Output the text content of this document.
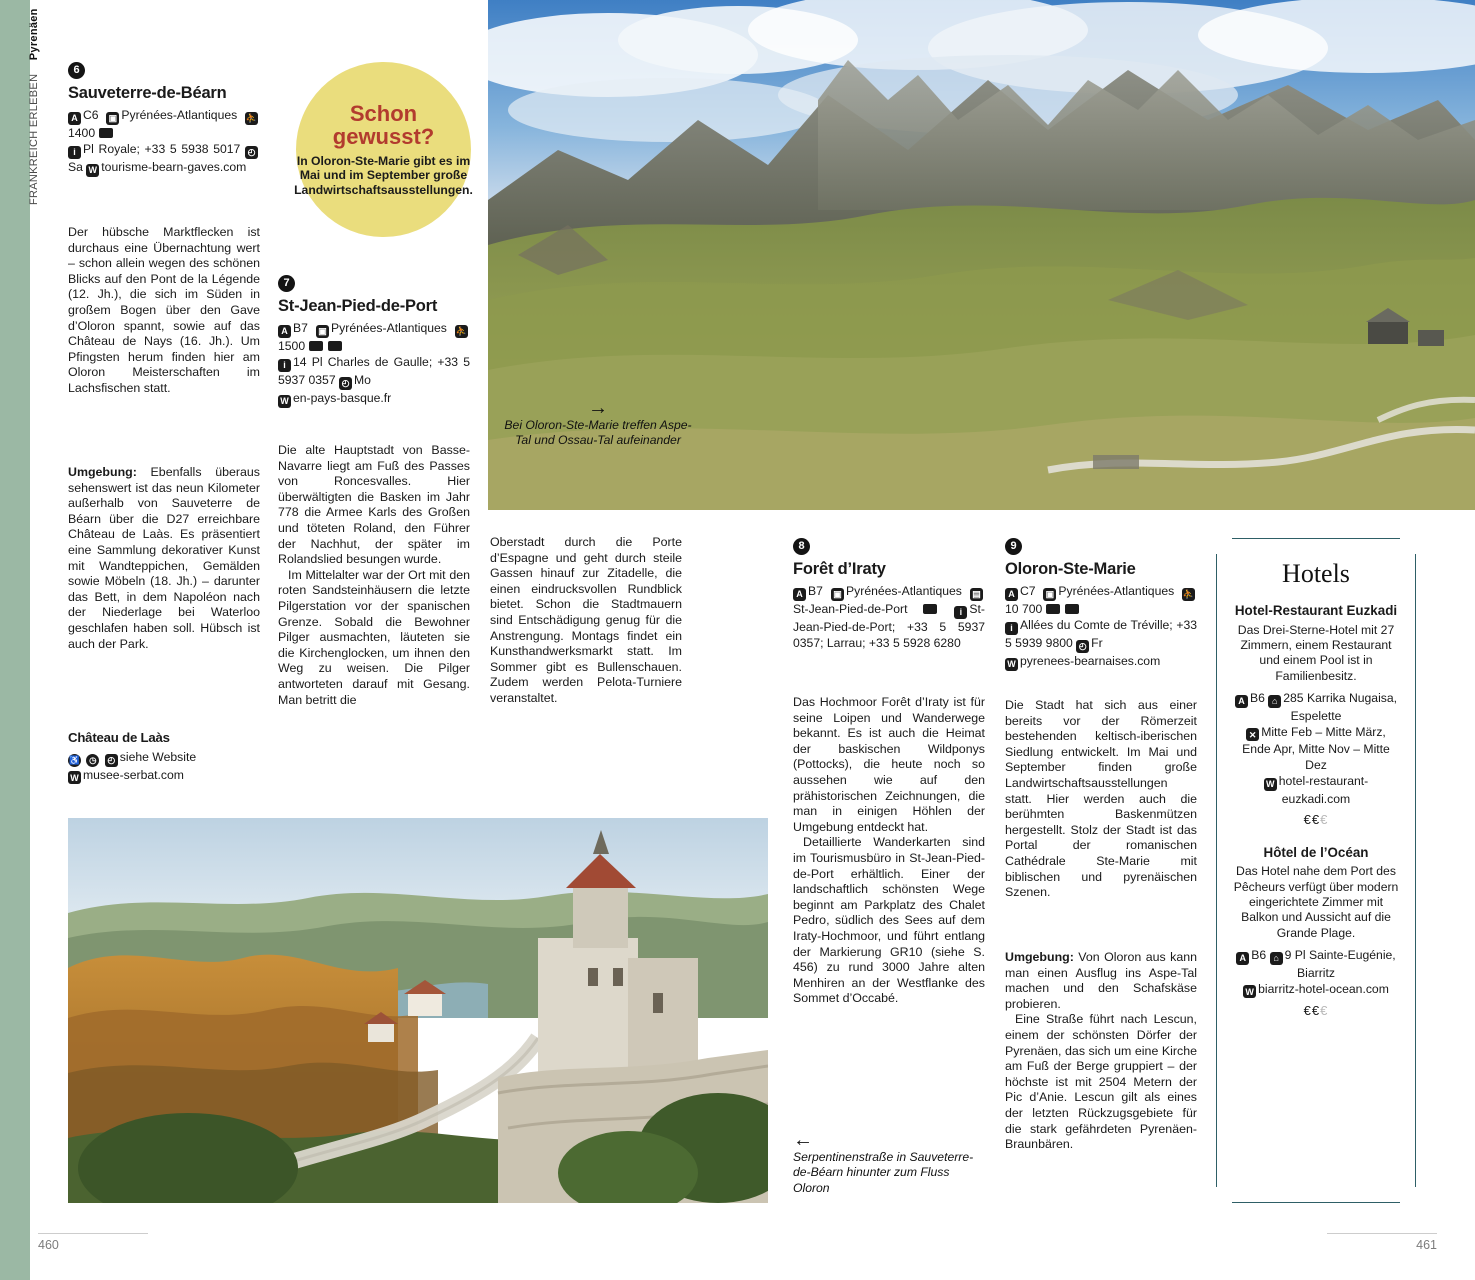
FRANKREICH ERLEBEN    Pyrenäen
6
Sauveterre-de-Béarn
A C6 ▣ Pyrénées-Atlantiques ⛹1400
i Pl Royale; +33 5 5938 5017 ◴Sa W tourisme-bearn-gaves.com

Der hübsche Marktflecken ist durchaus eine Übernachtung wert – schon allein wegen des schönen Blicks auf den Pont de la Légende (12. Jh.), die sich im Süden in großem Bogen über den Gave d’Oloron spannt, sowie auf das Château de Nays (16. Jh.). Um Pfingsten herum finden hier am Oloron Meisterschaften im Lachsfischen statt.

Umgebung: Ebenfalls überaus sehenswert ist das neun Kilometer außerhalb von Sauveterre de Béarn über die D27 erreichbare Château de Laàs. Es präsentiert eine Sammlung dekorativer Kunst mit Wandteppichen, Gemälden sowie Möbeln (18. Jh.) – darunter das Bett, in dem Napoléon nach der Niederlage bei Waterloo geschlafen haben soll. Hübsch ist auch der Park.

Château de Laàs
♿ ◷ ◴ siehe Website
W musee-serbat.com
Schon gewusst?
In Oloron-Ste-Marie gibt es im Mai und im September große Landwirtschaftsausstellungen.
7
St-Jean-Pied-de-Port
A B7 ▣ Pyrénées-Atlantiques ⛹1500
i 14 Pl Charles de Gaulle; +33 5 5937 0357 ◴ Mo
W en-pays-basque.fr

Die alte Hauptstadt von Basse-Navarre liegt am Fuß des Passes von Roncesvalles. Hier überwältigten die Basken im Jahr 778 die Armee Karls des Großen und töteten Roland, den Führer der Nachhut, der später im Rolandslied besungen wurde.

Im Mittelalter war der Ort mit den roten Sandsteinhäusern die letzte Pilgerstation vor der spanischen Grenze. Sobald die Bewohner Pilger ausmachten, läuteten sie die Kirchenglocken, um ihnen den Weg zu weisen. Die Pilger antworteten darauf mit Gesang. Man betritt die

Oberstadt durch die Porte d’Espagne und geht durch steile Gassen hinauf zur Zitadelle, die einen eindrucksvollen Rundblick bietet. Schon die Stadtmauern sind Entschädigung genug für die Anstrengung. Montags findet ein Kunsthandwerksmarkt statt. Im Sommer gibt es Bullenschauen. Zudem werden Pelota-Turniere veranstaltet.

→
Bei Oloron-Ste-Marie treffen Aspe-Tal und Ossau-Tal aufeinander
8
Forêt d’Iraty
A B7 ▣ Pyrénées-Atlantiques ▤St-Jean-Pied-de-Port	i St-Jean-Pied-de-Port; +33 5 5937 0357; Larrau; +33 5 5928 6280

Das Hochmoor Forêt d’Iraty ist für seine Loipen und Wanderwege bekannt. Es ist auch die Heimat der baskischen Wildponys (Pottocks), die heute noch so aussehen wie auf den prähistorischen Zeichnungen, die man in einigen Höhlen der Umgebung entdeckt hat.

Detaillierte Wanderkarten sind im Tourismusbüro in St-Jean-Pied-de-Port erhältlich. Einer der landschaftlich schönsten Wege beginnt am Parkplatz des Chalet Pedro, südlich des Sees auf dem Iraty-Hochmoor, und führt entlang der Markierung GR10 (siehe S. 456) zu rund 3000 Jahre alten Menhiren an der Westflanke des Sommet d’Occabé.

9
Oloron-Ste-Marie
A C7 ▣ Pyrénées-Atlantiques ⛹10 700
i Allées du Comte de Tréville; +33 5 5939 9800 ◴ Fr
W pyrenees-bearnaises.com

Die Stadt hat sich aus einer bereits vor der Römerzeit bestehenden keltisch-iberischen Siedlung entwickelt. Im Mai und September finden große Landwirtschaftsausstellungen statt. Hier werden auch die berühmten Baskenmützen hergestellt. Stolz der Stadt ist das Portal der romanischen Cathédrale Ste-Marie mit biblischen und pyrenäischen Szenen.

Umgebung: Von Oloron aus kann man einen Ausflug ins Aspe-Tal machen und den Schafskäse probieren.

Eine Straße führt nach Lescun, einem der schönsten Dörfer der Pyrenäen, das sich um eine Kirche am Fuß der Berge gruppiert – der höchste ist mit 2504 Metern der Pic d’Anie. Lescun gilt als eines der letzten Rückzugsgebiete für die stark gefährdeten Pyrenäen-Braunbären.

Hotels
Hotel-Restaurant Euzkadi
Das Drei-Sterne-Hotel mit 27 Zimmern, einem Restaurant und einem Pool ist in Familienbesitz.
A B6 ⌂ 285 Karrika Nugaisa, Espelette
✕ Mitte Feb – Mitte März, Ende Apr, Mitte Nov – Mitte Dez
W hotel-restaurant-euzkadi.com
€€€
Hôtel de l’Océan
Das Hotel nahe dem Port des Pêcheurs verfügt über modern eingerichtete Zimmer mit Balkon und Aussicht auf die Grande Plage.
A B6 ⌂ 9 Pl Sainte-Eugénie, Biarritz
W biarritz-hotel-ocean.com
€€€
←
Serpentinenstraße in Sauveterre-de-Béarn hinunter zum Fluss Oloron
460	461
